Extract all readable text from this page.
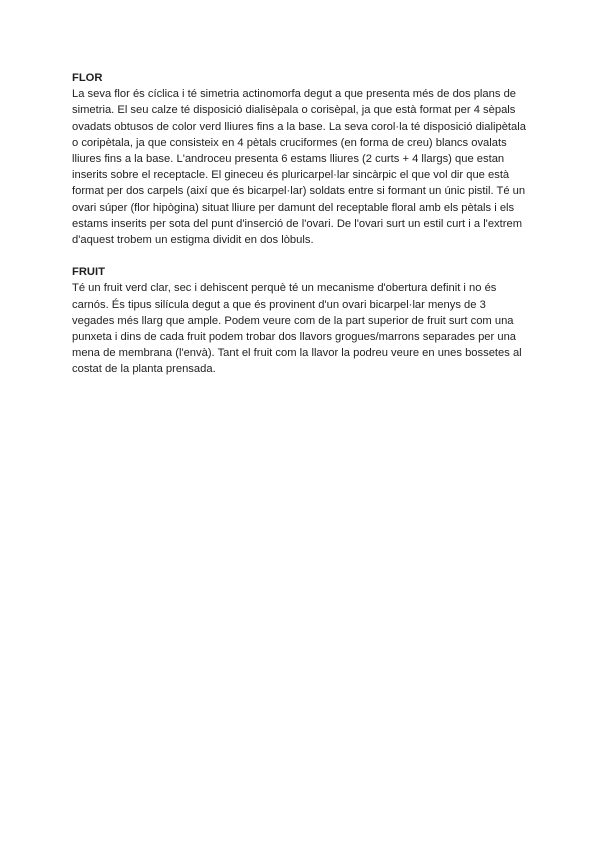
FLOR

La seva flor és cíclica i té simetria actinomorfa degut a que presenta més de dos plans de simetria. El seu calze té disposició dialisèpala o corisèpal, ja que està format per 4 sèpals ovadats obtusos de color verd lliures fins a la base. La seva corol·la té disposició dialipètala o coripètala, ja que consisteix en 4 pètals cruciformes (en forma de creu) blancs ovalats lliures fins a la base. L'androceu presenta 6 estams lliures (2 curts + 4 llargs) que estan inserits sobre el receptacle. El gineceu és pluricarpel·lar sincàrpic el que vol dir que està format per dos carpels (així que és bicarpel·lar) soldats entre si formant un únic pistil. Té un ovari súper (flor hipògina) situat lliure per damunt del receptable floral amb els pètals i els estams inserits per sota del punt d'inserció de l'ovari. De l'ovari surt un estil curt i a l'extrem d'aquest trobem un estigma dividit en dos lòbuls.

FRUIT

Té un fruit verd clar, sec i dehiscent perquè té un mecanisme d'obertura definit i no és carnós. És tipus silícula degut a que és provinent d'un ovari bicarpel·lar menys de 3 vegades més llarg que ample. Podem veure com de la part superior de fruit surt com una punxeta i dins de cada fruit podem trobar dos llavors grogues/marrons separades per una mena de membrana (l'envà). Tant el fruit com la llavor la podreu veure en unes bossetes al costat de la planta prensada.
